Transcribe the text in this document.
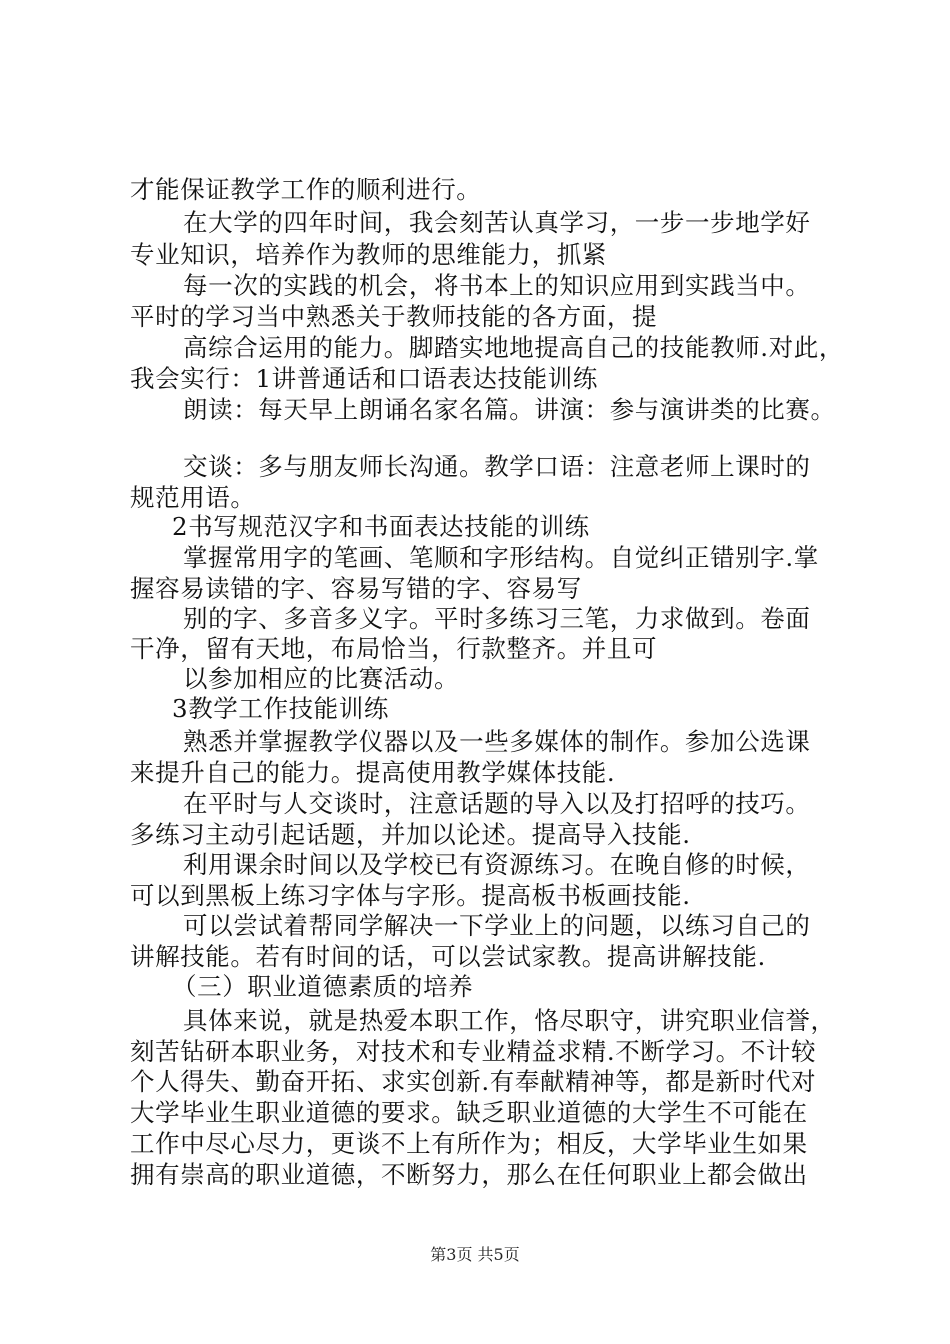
才能保证教学工作的顺利进行。
在大学的四年时间，我会刻苦认真学习，一步一步地学好
专业知识，培养作为教师的思维能力，抓紧
每一次的实践的机会，将书本上的知识应用到实践当中。
平时的学习当中熟悉关于教师技能的各方面，提
高综合运用的能力。脚踏实地地提高自己的技能教师.对此，
我会实行：1讲普通话和口语表达技能训练
朗读：每天早上朗诵名家名篇。讲演：参与演讲类的比赛。
交谈：多与朋友师长沟通。教学口语：注意老师上课时的
规范用语。
2书写规范汉字和书面表达技能的训练
掌握常用字的笔画、笔顺和字形结构。自觉纠正错别字.掌
握容易读错的字、容易写错的字、容易写
别的字、多音多义字。平时多练习三笔，力求做到。卷面
干净，留有天地，布局恰当，行款整齐。并且可
以参加相应的比赛活动。
3教学工作技能训练
熟悉并掌握教学仪器以及一些多媒体的制作。参加公选课
来提升自己的能力。提高使用教学媒体技能.
在平时与人交谈时，注意话题的导入以及打招呼的技巧。
多练习主动引起话题，并加以论述。提高导入技能.
利用课余时间以及学校已有资源练习。在晚自修的时候，
可以到黑板上练习字体与字形。提高板书板画技能.
可以尝试着帮同学解决一下学业上的问题，以练习自己的
讲解技能。若有时间的话，可以尝试家教。提高讲解技能.
（三）职业道德素质的培养
具体来说，就是热爱本职工作，恪尽职守，讲究职业信誉，
刻苦钻研本职业务，对技术和专业精益求精.不断学习。不计较
个人得失、勤奋开拓、求实创新.有奉献精神等，都是新时代对
大学毕业生职业道德的要求。缺乏职业道德的大学生不可能在
工作中尽心尽力，更谈不上有所作为；相反，大学毕业生如果
拥有崇高的职业道德，不断努力，那么在任何职业上都会做出
第3页 共5页
